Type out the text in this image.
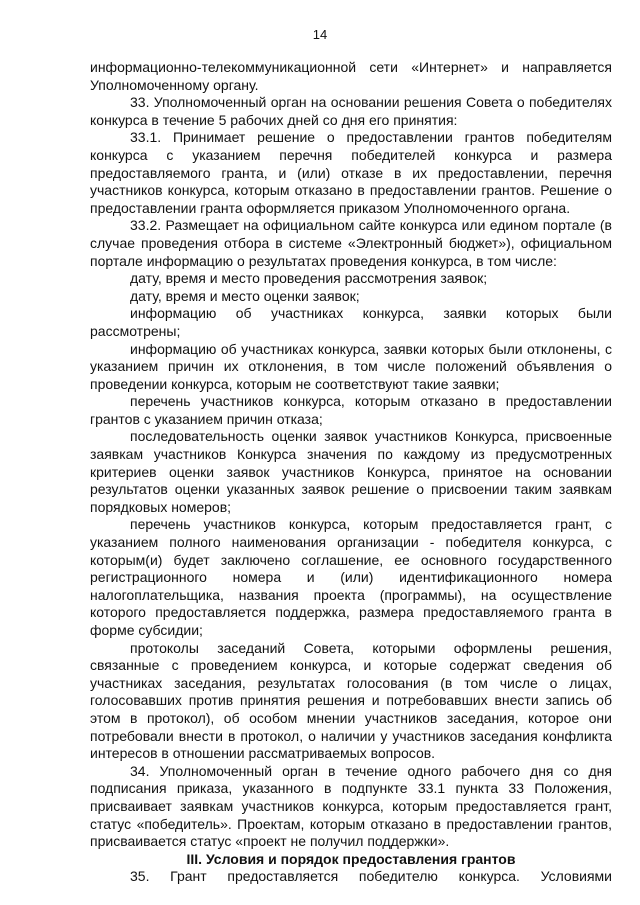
14

информационно-телекоммуникационной сети «Интернет» и направляется Уполномоченному органу.

33. Уполномоченный орган на основании решения Совета о победителях конкурса в течение 5 рабочих дней со дня его принятия:

33.1. Принимает решение о предоставлении грантов победителям конкурса с указанием перечня победителей конкурса и размера предоставляемого гранта, и (или) отказе в их предоставлении, перечня участников конкурса, которым отказано в предоставлении грантов. Решение о предоставлении гранта оформляется приказом Уполномоченного органа.

33.2. Размещает на официальном сайте конкурса или едином портале (в случае проведения отбора в системе «Электронный бюджет»), официальном портале информацию о результатах проведения конкурса, в том числе:

дату, время и место проведения рассмотрения заявок;

дату, время и место оценки заявок;

информацию об участниках конкурса, заявки которых были рассмотрены;

информацию об участниках конкурса, заявки которых были отклонены, с указанием причин их отклонения, в том числе положений объявления о проведении конкурса, которым не соответствуют такие заявки;

перечень участников конкурса, которым отказано в предоставлении грантов с указанием причин отказа;

последовательность оценки заявок участников Конкурса, присвоенные заявкам участников Конкурса значения по каждому из предусмотренных критериев оценки заявок участников Конкурса, принятое на основании результатов оценки указанных заявок решение о присвоении таким заявкам порядковых номеров;

перечень участников конкурса, которым предоставляется грант, с указанием полного наименования организации - победителя конкурса, с которым(и) будет заключено соглашение, ее основного государственного регистрационного номера и (или) идентификационного номера налогоплательщика, названия проекта (программы), на осуществление которого предоставляется поддержка, размера предоставляемого гранта в форме субсидии;

протоколы заседаний Совета, которыми оформлены решения, связанные с проведением конкурса, и которые содержат сведения об участниках заседания, результатах голосования (в том числе о лицах, голосовавших против принятия решения и потребовавших внести запись об этом в протокол), об особом мнении участников заседания, которое они потребовали внести в протокол, о наличии у участников заседания конфликта интересов в отношении рассматриваемых вопросов.

34. Уполномоченный орган в течение одного рабочего дня со дня подписания приказа, указанного в подпункте 33.1 пункта 33 Положения, присваивает заявкам участников конкурса, которым предоставляется грант, статус «победитель». Проектам, которым отказано в предоставлении грантов, присваивается статус «проект не получил поддержки».

III. Условия и порядок предоставления грантов

35. Грант предоставляется победителю конкурса. Условиями
